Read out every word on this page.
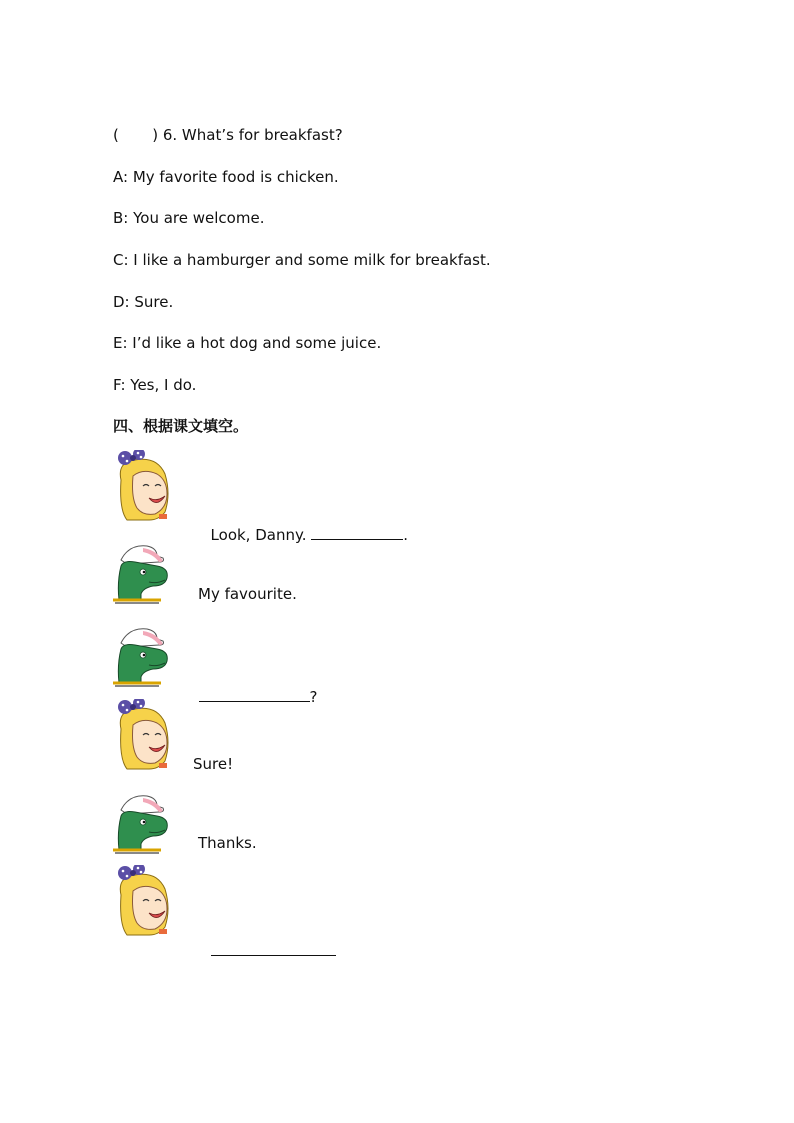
(       ) 6. What’s for breakfast?
A: My favorite food is chicken.
B: You are welcome.
C: I like a hamburger and some milk for breakfast.
D: Sure.
E: I’d like a hot dog and some juice.
F: Yes, I do.
四、根据课文填空。

Look, Danny.	.

My favourite.

?

Sure!
Thanks.
